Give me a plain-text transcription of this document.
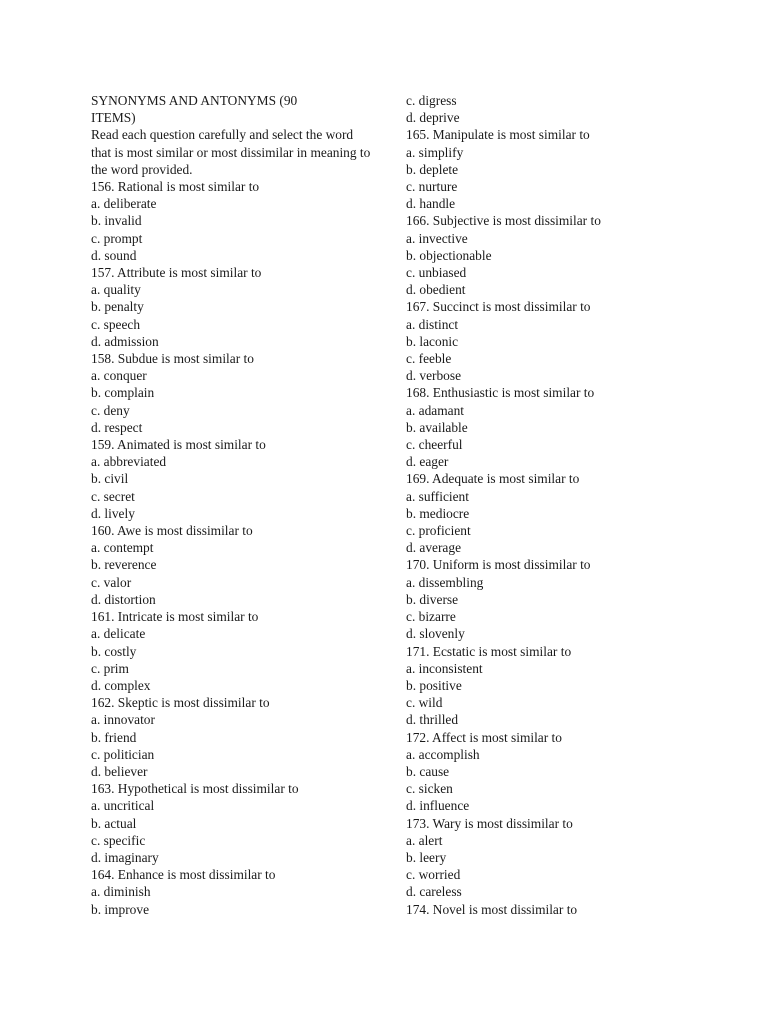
SYNONYMS AND ANTONYMS (90 ITEMS)
Read each question carefully and select the word that is most similar or most dissimilar in meaning to the word provided.
156. Rational is most similar to
a. deliberate
b. invalid
c. prompt
d. sound
157. Attribute is most similar to
a. quality
b. penalty
c. speech
d. admission
158. Subdue is most similar to
a. conquer
b. complain
c. deny
d. respect
159. Animated is most similar to
a. abbreviated
b. civil
c. secret
d. lively
160. Awe is most dissimilar to
a. contempt
b. reverence
c. valor
d. distortion
161. Intricate is most similar to
a. delicate
b. costly
c. prim
d. complex
162. Skeptic is most dissimilar to
a. innovator
b. friend
c. politician
d. believer
163. Hypothetical is most dissimilar to
a. uncritical
b. actual
c. specific
d. imaginary
164. Enhance is most dissimilar to
a. diminish
b. improve
c. digress
d. deprive
165. Manipulate is most similar to
a. simplify
b. deplete
c. nurture
d. handle
166. Subjective is most dissimilar to
a. invective
b. objectionable
c. unbiased
d. obedient
167. Succinct is most dissimilar to
a. distinct
b. laconic
c. feeble
d. verbose
168. Enthusiastic is most similar to
a. adamant
b. available
c. cheerful
d. eager
169. Adequate is most similar to
a. sufficient
b. mediocre
c. proficient
d. average
170. Uniform is most dissimilar to
a. dissembling
b. diverse
c. bizarre
d. slovenly
171. Ecstatic is most similar to
a. inconsistent
b. positive
c. wild
d. thrilled
172. Affect is most similar to
a. accomplish
b. cause
c. sicken
d. influence
173. Wary is most dissimilar to
a. alert
b. leery
c. worried
d. careless
174. Novel is most dissimilar to
